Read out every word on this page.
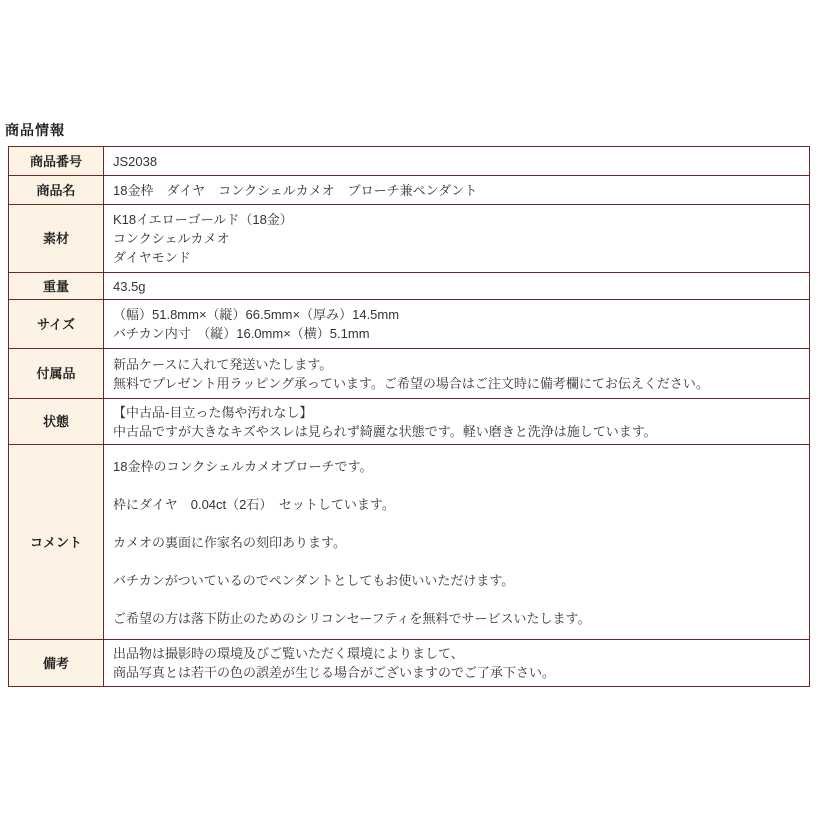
商品情報
商品番号	JS2038

商品名	18金枠　ダイヤ　コンクシェルカメオ　ブローチ兼ペンダント

素材	K18イエローゴールド（18金）
コンクシェルカメオ
ダイヤモンド

重量	43.5g

サイズ	（幅）51.8mm×（縦）66.5mm×（厚み）14.5mm
バチカン内寸　（縦）16.0mm×（横）5.1mm

付属品	新品ケースに入れて発送いたします。
無料でプレゼント用ラッピング承っています。ご希望の場合はご注文時に備考欄にてお伝えください。

状態	【中古品-目立った傷や汚れなし】
中古品ですが大きなキズやスレは見られず綺麗な状態です。軽い磨きと洗浄は施しています。

コメント	18金枠のコンクシェルカメオブローチです。
枠にダイヤ　0.04ct（2石）　セットしています。
カメオの裏面に作家名の刻印あります。
バチカンがついているのでペンダントとしてもお使いいただけます。
ご希望の方は落下防止のためのシリコンセーフティを無料でサービスいたします。

備考	出品物は撮影時の環境及びご覧いただく環境によりまして、
商品写真とは若干の色の誤差が生じる場合がございますのでご了承下さい。
